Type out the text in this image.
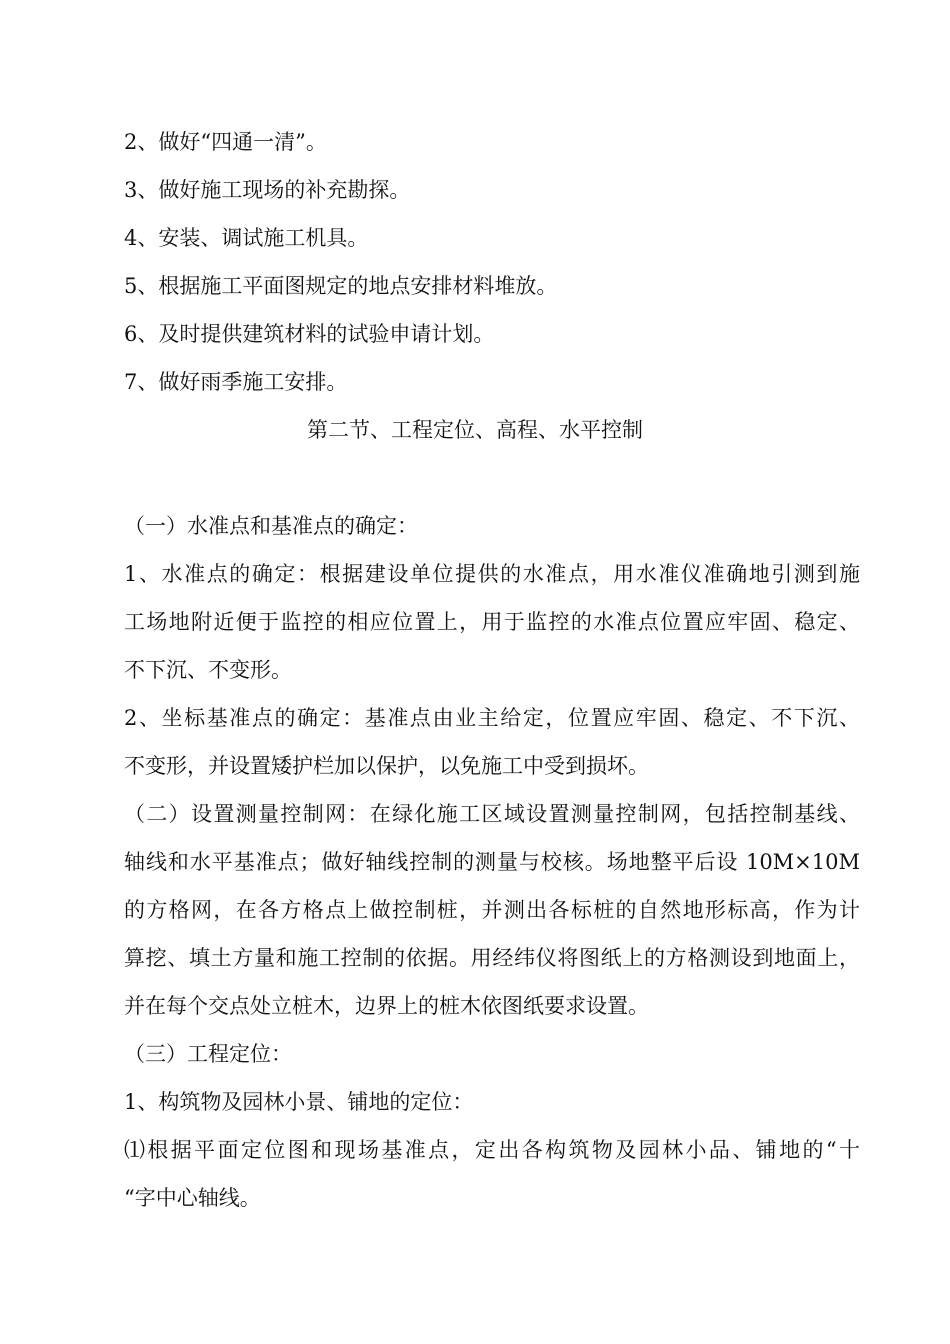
2、做好“四通一清”。

3、做好施工现场的补充勘探。

4、安装、调试施工机具。

5、根据施工平面图规定的地点安排材料堆放。

6、及时提供建筑材料的试验申请计划。

7、做好雨季施工安排。

第二节、工程定位、高程、水平控制

（一）水准点和基准点的确定：

1、水准点的确定：根据建设单位提供的水准点，用水准仪准确地引测到施

工场地附近便于监控的相应位置上，用于监控的水准点位置应牢固、稳定、

不下沉、不变形。

2、坐标基准点的确定：基准点由业主给定，位置应牢固、稳定、不下沉、

不变形，并设置矮护栏加以保护，以免施工中受到损坏。

（二）设置测量控制网：在绿化施工区域设置测量控制网，包括控制基线、

轴线和水平基准点；做好轴线控制的测量与校核。场地整平后设 10M×10M

的方格网，在各方格点上做控制桩，并测出各标桩的自然地形标高，作为计

算挖、填土方量和施工控制的依据。用经纬仪将图纸上的方格测设到地面上，

并在每个交点处立桩木，边界上的桩木依图纸要求设置。

（三）工程定位：

1、构筑物及园林小景、铺地的定位：

⑴根据平面定位图和现场基准点，定出各构筑物及园林小品、铺地的“十

“字中心轴线。
